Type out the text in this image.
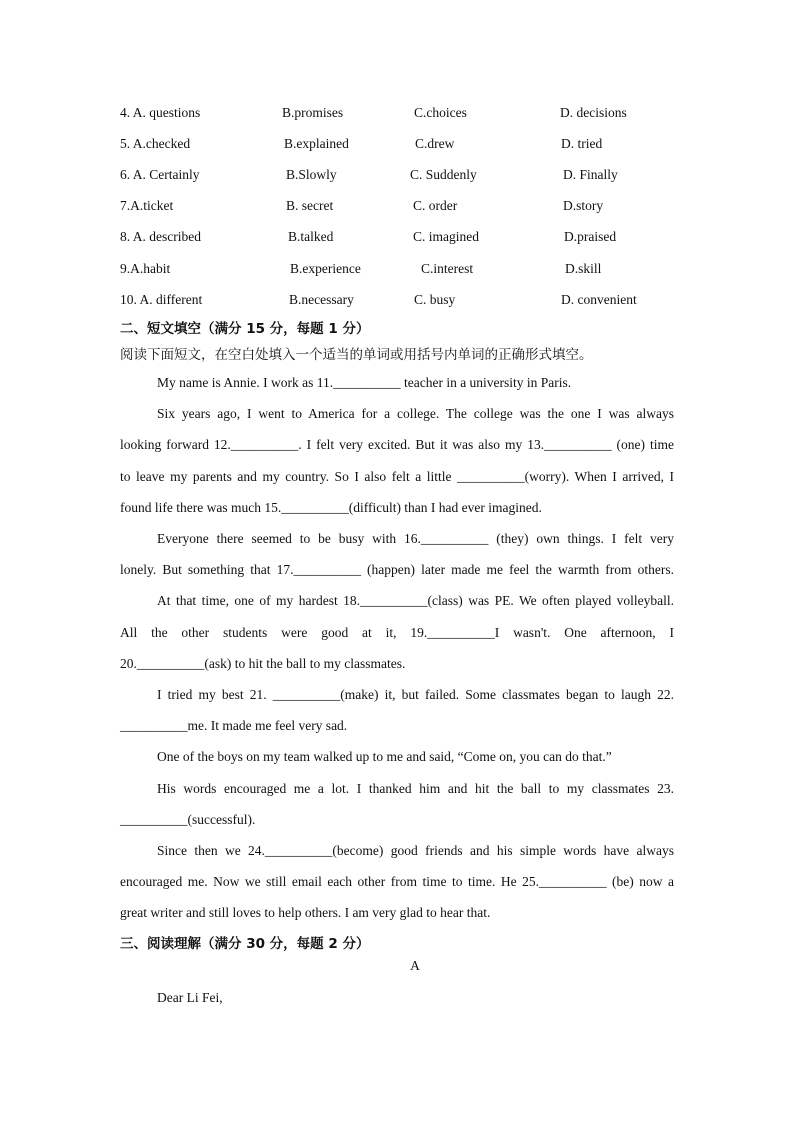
4. A. questions	B.promises	C.choices	D. decisions
5. A.checked	B.explained	C.drew	D. tried
6. A. Certainly	B.Slowly	C. Suddenly	D. Finally
7.A.ticket	B. secret	C. order	D.story
8. A. described	B.talked	C. imagined	D.praised
9.A.habit	B.experience	C.interest	D.skill
10. A. different	B.necessary	C. busy	D. convenient
二、短文填空（满分 15 分，每题 1 分）
阅读下面短文，在空白处填入一个适当的单词或用括号内单词的正确形式填空。
My name is Annie. I work as 11.__________ teacher in a university in Paris.
Six years ago, I went to America for a college. The college was the one I was always
looking forward 12.__________. I felt very excited. But it was also my 13.__________ (one) time
to leave my parents and my country. So I also felt a little __________(worry). When I arrived, I
found life there was much 15.__________(difficult) than I had ever imagined.
Everyone there seemed to be busy with 16.__________ (they) own things. I felt very
lonely. But something that 17.__________ (happen) later made me feel the warmth from others.
At that time, one of my hardest 18.__________(class) was PE. We often played volleyball.
All the other students were good at it, 19.__________I wasn't. One afternoon, I
20.__________(ask) to hit the ball to my classmates.
I tried my best 21. __________(make) it, but failed. Some classmates began to laugh 22.
__________me. It made me feel very sad.
One of the boys on my team walked up to me and said, “Come on, you can do that.”
His words encouraged me a lot. I thanked him and hit the ball to my classmates 23.
__________(successful).
Since then we 24.__________(become) good friends and his simple words have always
encouraged me. Now we still email each other from time to time. He 25.__________ (be) now a
great writer and still loves to help others. I am very glad to hear that.
三、阅读理解（满分 30 分，每题 2 分）
A
Dear Li Fei,
